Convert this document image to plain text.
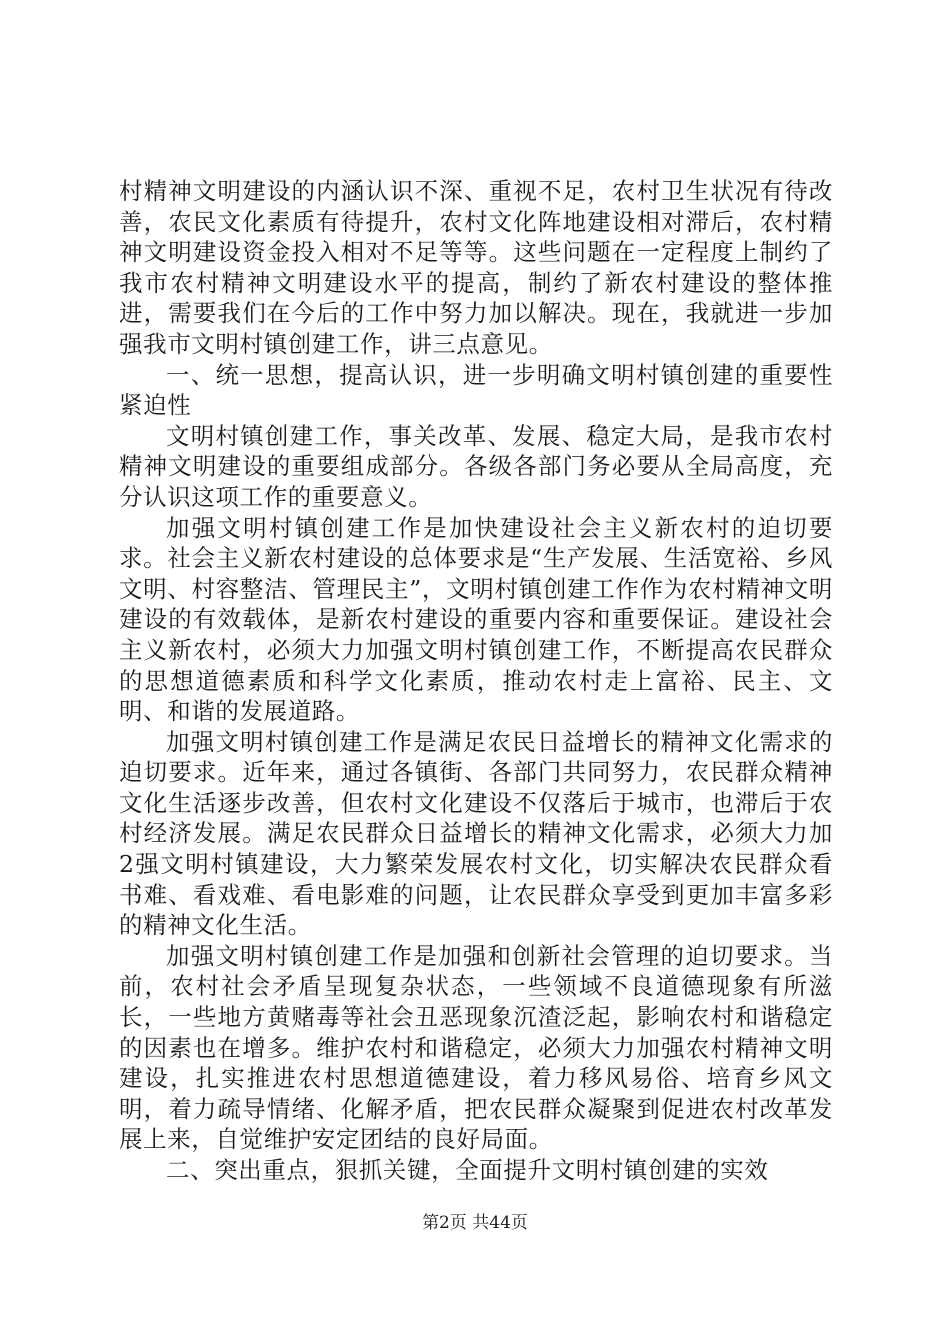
村精神文明建设的内涵认识不深、重视不足，农村卫生状况有待改善，农民文化素质有待提升，农村文化阵地建设相对滞后，农村精神文明建设资金投入相对不足等等。这些问题在一定程度上制约了我市农村精神文明建设水平的提高，制约了新农村建设的整体推进，需要我们在今后的工作中努力加以解决。现在，我就进一步加强我市文明村镇创建工作，讲三点意见。

一、统一思想，提高认识，进一步明确文明村镇创建的重要性紧迫性

文明村镇创建工作，事关改革、发展、稳定大局，是我市农村精神文明建设的重要组成部分。各级各部门务必要从全局高度，充分认识这项工作的重要意义。

加强文明村镇创建工作是加快建设社会主义新农村的迫切要求。社会主义新农村建设的总体要求是“生产发展、生活宽裕、乡风文明、村容整洁、管理民主”，文明村镇创建工作作为农村精神文明建设的有效载体，是新农村建设的重要内容和重要保证。建设社会主义新农村，必须大力加强文明村镇创建工作，不断提高农民群众的思想道德素质和科学文化素质，推动农村走上富裕、民主、文明、和谐的发展道路。

加强文明村镇创建工作是满足农民日益增长的精神文化需求的迫切要求。近年来，通过各镇街、各部门共同努力，农民群众精神文化生活逐步改善，但农村文化建设不仅落后于城市，也滞后于农村经济发展。满足农民群众日益增长的精神文化需求，必须大力加2强文明村镇建设，大力繁荣发展农村文化，切实解决农民群众看书难、看戏难、看电影难的问题，让农民群众享受到更加丰富多彩的精神文化生活。

加强文明村镇创建工作是加强和创新社会管理的迫切要求。当前，农村社会矛盾呈现复杂状态，一些领域不良道德现象有所滋长，一些地方黄赌毒等社会丑恶现象沉渣泛起，影响农村和谐稳定的因素也在增多。维护农村和谐稳定，必须大力加强农村精神文明建设，扎实推进农村思想道德建设，着力移风易俗、培育乡风文明，着力疏导情绪、化解矛盾，把农民群众凝聚到促进农村改革发展上来，自觉维护安定团结的良好局面。

二、突出重点，狠抓关键，全面提升文明村镇创建的实效

第2页 共44页
